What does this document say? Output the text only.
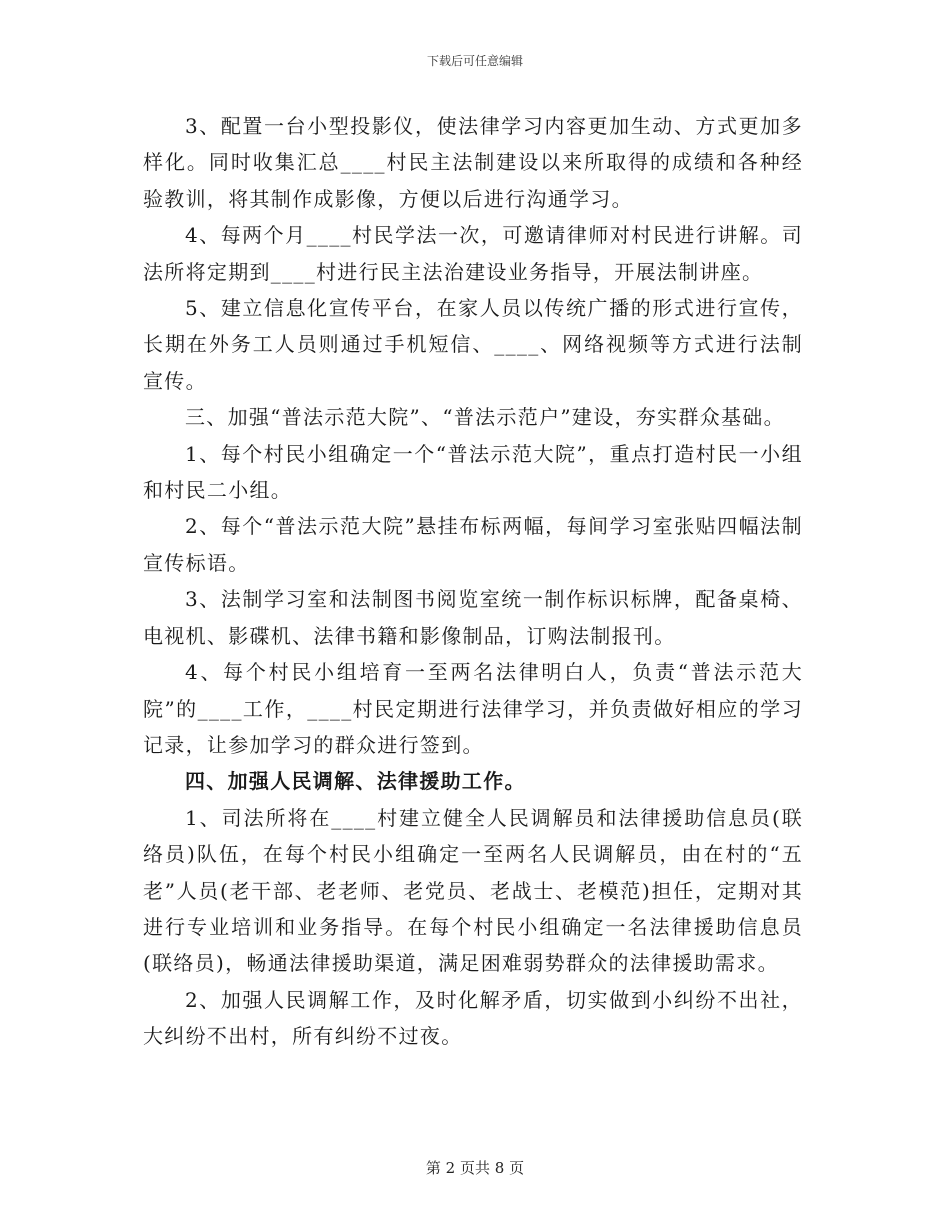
下载后可任意编辑

3、配置一台小型投影仪，使法律学习内容更加生动、方式更加多样化。同时收集汇总____村民主法制建设以来所取得的成绩和各种经验教训，将其制作成影像，方便以后进行沟通学习。

4、每两个月____村民学法一次，可邀请律师对村民进行讲解。司法所将定期到____村进行民主法治建设业务指导，开展法制讲座。

5、建立信息化宣传平台，在家人员以传统广播的形式进行宣传，长期在外务工人员则通过手机短信、____、网络视频等方式进行法制宣传。

三、加强“普法示范大院”、“普法示范户”建设，夯实群众基础。

1、每个村民小组确定一个“普法示范大院”，重点打造村民一小组和村民二小组。

2、每个“普法示范大院”悬挂布标两幅，每间学习室张贴四幅法制宣传标语。

3、法制学习室和法制图书阅览室统一制作标识标牌，配备桌椅、电视机、影碟机、法律书籍和影像制品，订购法制报刊。

4、每个村民小组培育一至两名法律明白人，负责“普法示范大院”的____工作，____村民定期进行法律学习，并负责做好相应的学习记录，让参加学习的群众进行签到。

四、加强人民调解、法律援助工作。

1、司法所将在____村建立健全人民调解员和法律援助信息员(联络员)队伍，在每个村民小组确定一至两名人民调解员，由在村的“五老”人员(老干部、老老师、老党员、老战士、老模范)担任，定期对其进行专业培训和业务指导。在每个村民小组确定一名法律援助信息员(联络员)，畅通法律援助渠道，满足困难弱势群众的法律援助需求。

2、加强人民调解工作，及时化解矛盾，切实做到小纠纷不出社，大纠纷不出村，所有纠纷不过夜。

第 2 页共 8 页
